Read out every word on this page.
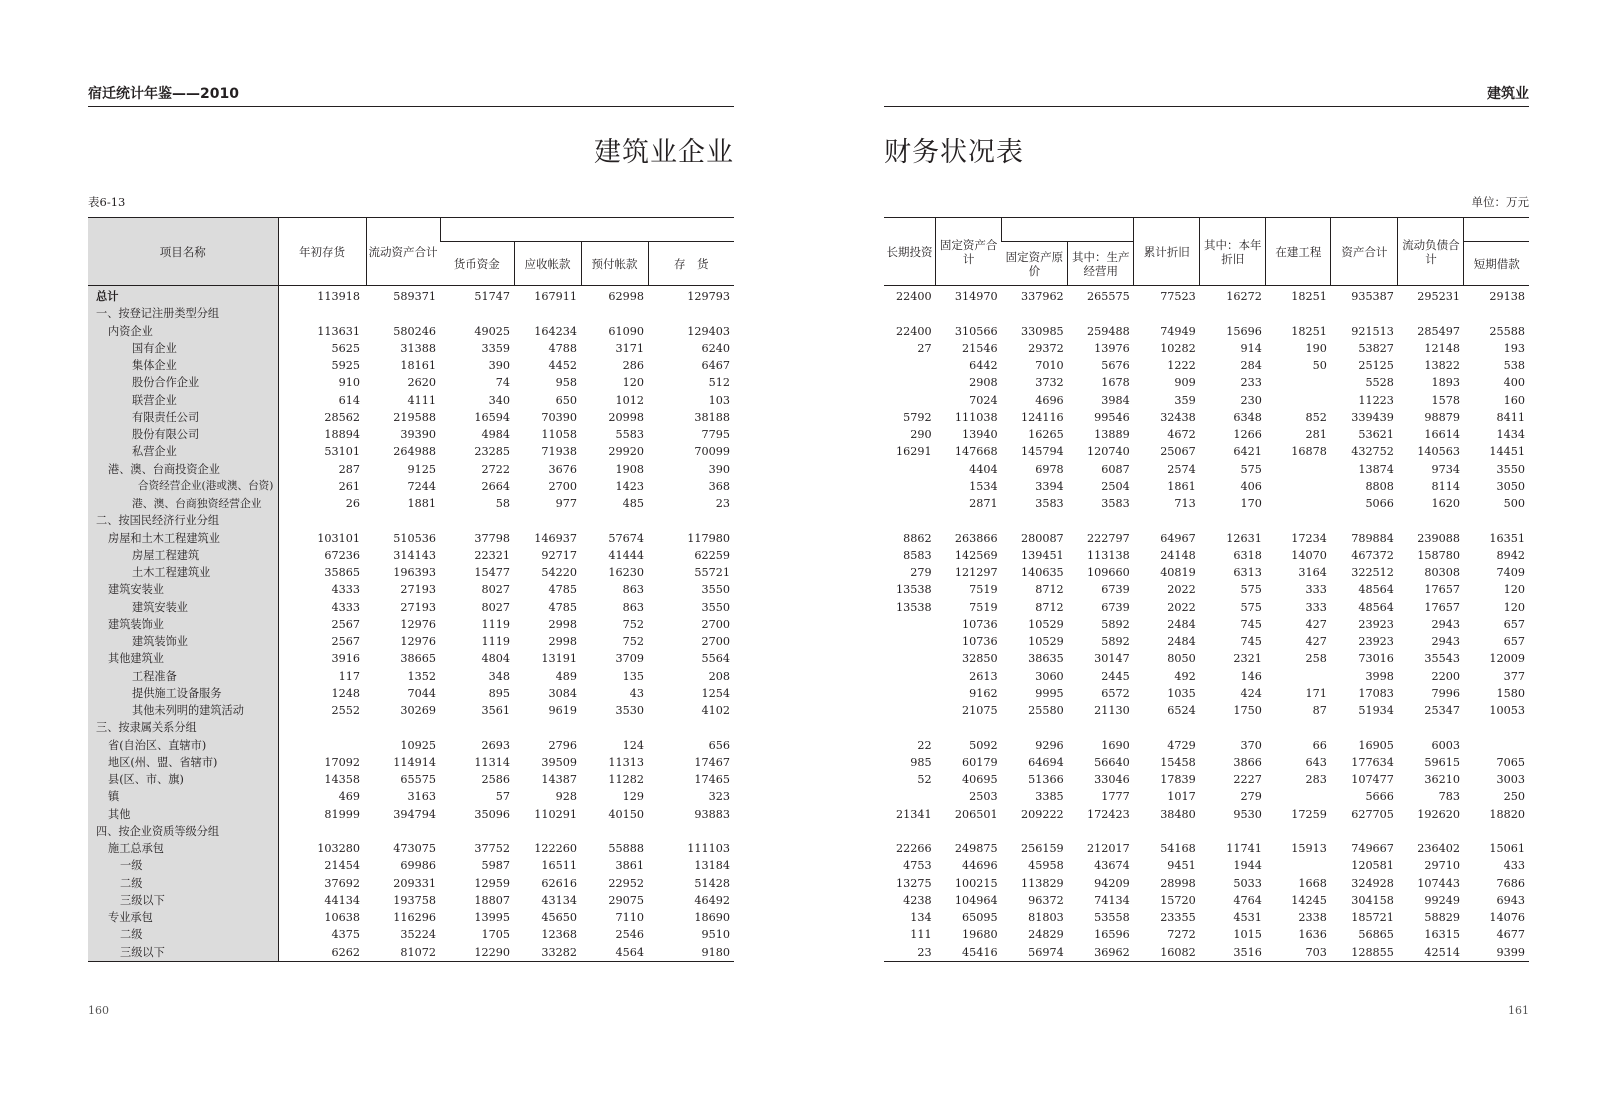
宿迁统计年鉴——2010
建筑业企业
表6-13
项目名称	年初存货	流动资产合计				
			货币资金	应收帐款	预付帐款	存　货
总计	113918	589371	51747	167911	62998	129793
一、按登记注册类型分组						
内资企业	113631	580246	49025	164234	61090	129403
国有企业	5625	31388	3359	4788	3171	6240
集体企业	5925	18161	390	4452	286	6467
股份合作企业	910	2620	74	958	120	512
联营企业	614	4111	340	650	1012	103
有限责任公司	28562	219588	16594	70390	20998	38188
股份有限公司	18894	39390	4984	11058	5583	7795
私营企业	53101	264988	23285	71938	29920	70099
港、澳、台商投资企业	287	9125	2722	3676	1908	390
合资经营企业(港或澳、台资)	261	7244	2664	2700	1423	368
港、澳、台商独资经营企业	26	1881	58	977	485	23
二、按国民经济行业分组						
房屋和土木工程建筑业	103101	510536	37798	146937	57674	117980
房屋工程建筑	67236	314143	22321	92717	41444	62259
土木工程建筑业	35865	196393	15477	54220	16230	55721
建筑安装业	4333	27193	8027	4785	863	3550
建筑安装业	4333	27193	8027	4785	863	3550
建筑装饰业	2567	12976	1119	2998	752	2700
建筑装饰业	2567	12976	1119	2998	752	2700
其他建筑业	3916	38665	4804	13191	3709	5564
工程准备	117	1352	348	489	135	208
提供施工设备服务	1248	7044	895	3084	43	1254
其他未列明的建筑活动	2552	30269	3561	9619	3530	4102
三、按隶属关系分组						
省(自治区、直辖市)		10925	2693	2796	124	656
地区(州、盟、省辖市)	17092	114914	11314	39509	11313	17467
县(区、市、旗)	14358	65575	2586	14387	11282	17465
镇	469	3163	57	928	129	323
其他	81999	394794	35096	110291	40150	93883
四、按企业资质等级分组						
施工总承包	103280	473075	37752	122260	55888	111103
一级	21454	69986	5987	16511	3861	13184
二级	37692	209331	12959	62616	22952	51428
三级以下	44134	193758	18807	43134	29075	46492
专业承包	10638	116296	13995	45650	7110	18690
二级	4375	35224	1705	12368	2546	9510
三级以下	6262	81072	12290	33282	4564	9180
160
建筑业
财务状况表
单位：万元
长期投资	固定资产合计			累计折旧	其中：本年折旧	在建工程	资产合计	流动负债合计	
		固定资产原价	其中：生产经营用						短期借款
22400	314970	337962	265575	77523	16272	18251	935387	295231	29138

22400	310566	330985	259488	74949	15696	18251	921513	285497	25588
27	21546	29372	13976	10282	914	190	53827	12148	193
	6442	7010	5676	1222	284	50	25125	13822	538
	2908	3732	1678	909	233		5528	1893	400
	7024	4696	3984	359	230		11223	1578	160
5792	111038	124116	99546	32438	6348	852	339439	98879	8411
290	13940	16265	13889	4672	1266	281	53621	16614	1434
16291	147668	145794	120740	25067	6421	16878	432752	140563	14451
	4404	6978	6087	2574	575		13874	9734	3550
	1534	3394	2504	1861	406		8808	8114	3050
	2871	3583	3583	713	170		5066	1620	500

8862	263866	280087	222797	64967	12631	17234	789884	239088	16351
8583	142569	139451	113138	24148	6318	14070	467372	158780	8942
279	121297	140635	109660	40819	6313	3164	322512	80308	7409
13538	7519	8712	6739	2022	575	333	48564	17657	120
13538	7519	8712	6739	2022	575	333	48564	17657	120
	10736	10529	5892	2484	745	427	23923	2943	657
	10736	10529	5892	2484	745	427	23923	2943	657
	32850	38635	30147	8050	2321	258	73016	35543	12009
	2613	3060	2445	492	146		3998	2200	377
	9162	9995	6572	1035	424	171	17083	7996	1580
	21075	25580	21130	6524	1750	87	51934	25347	10053

22	5092	9296	1690	4729	370	66	16905	6003	
985	60179	64694	56640	15458	3866	643	177634	59615	7065
52	40695	51366	33046	17839	2227	283	107477	36210	3003
	2503	3385	1777	1017	279		5666	783	250
21341	206501	209222	172423	38480	9530	17259	627705	192620	18820

22266	249875	256159	212017	54168	11741	15913	749667	236402	15061
4753	44696	45958	43674	9451	1944		120581	29710	433
13275	100215	113829	94209	28998	5033	1668	324928	107443	7686
4238	104964	96372	74134	15720	4764	14245	304158	99249	6943
134	65095	81803	53558	23355	4531	2338	185721	58829	14076
111	19680	24829	16596	7272	1015	1636	56865	16315	4677
23	45416	56974	36962	16082	3516	703	128855	42514	9399
161
